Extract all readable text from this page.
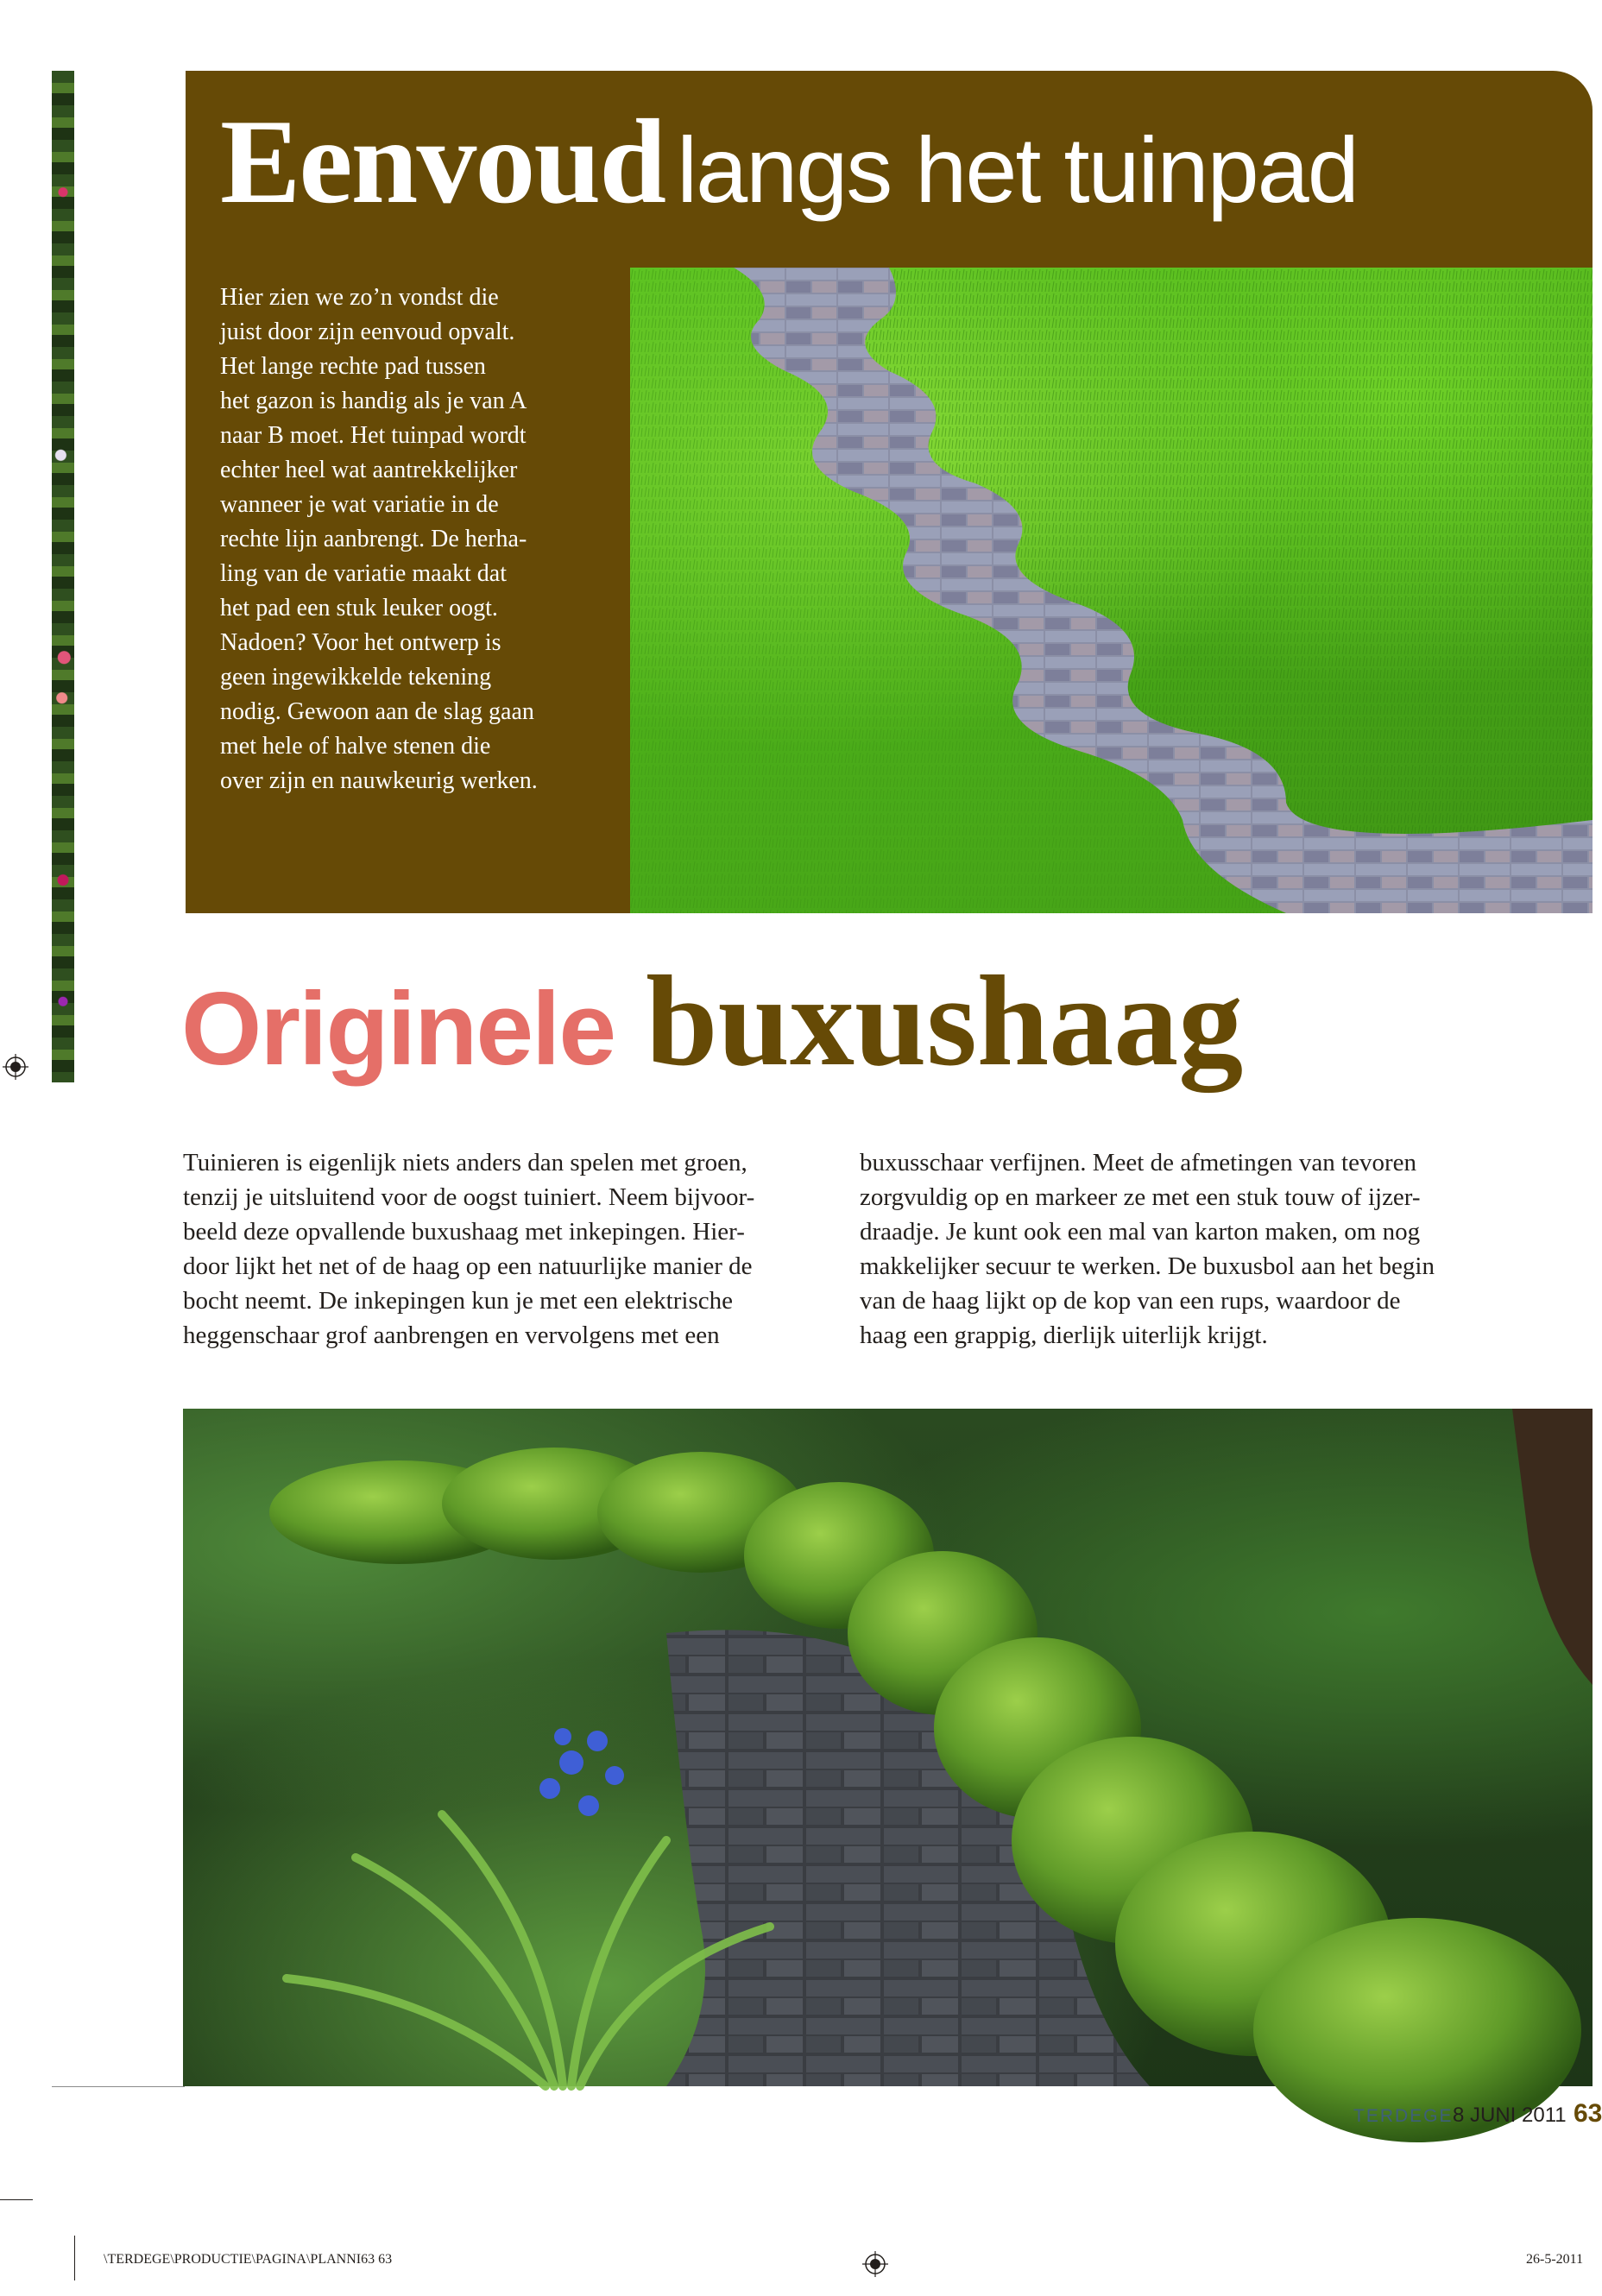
Eenvoud langs het tuinpad

Hier zien we zo’n vondst die
juist door zijn eenvoud opvalt.
Het lange rechte pad tussen
het gazon is handig als je van A
naar B moet. Het tuinpad wordt
echter heel wat aantrekkelijker
wanneer je wat variatie in de
rechte lijn aanbrengt. De herha-
ling van de variatie maakt dat
het pad een stuk leuker oogt.
Nadoen? Voor het ontwerp is
geen ingewikkelde tekening
nodig. Gewoon aan de slag gaan
met hele of halve stenen die
over zijn en nauwkeurig werken.

Originele buxushaag

Tuinieren is eigenlijk niets anders dan spelen met groen,
tenzij je uitsluitend voor de oogst tuiniert. Neem bijvoor-
beeld deze opvallende buxushaag met inkepingen. Hier-
door lijkt het net of de haag op een natuurlijke manier de
bocht neemt. De inkepingen kun je met een elektrische
heggenschaar grof aanbrengen en vervolgens met een

buxusschaar verfijnen. Meet de afmetingen van tevoren
zorgvuldig op en markeer ze met een stuk touw of ijzer-
draadje. Je kunt ook een mal van karton maken, om nog
makkelijker secuur te werken. De buxusbol aan het begin
van de haag lijkt op de kop van een rups, waardoor de
haag een grappig, dierlijk uiterlijk krijgt.

TERDEGE 8 JUNI 2011 63
\TERDEGE\PRODUCTIE\PAGINA\PLANNI63 63	26-5-2011
